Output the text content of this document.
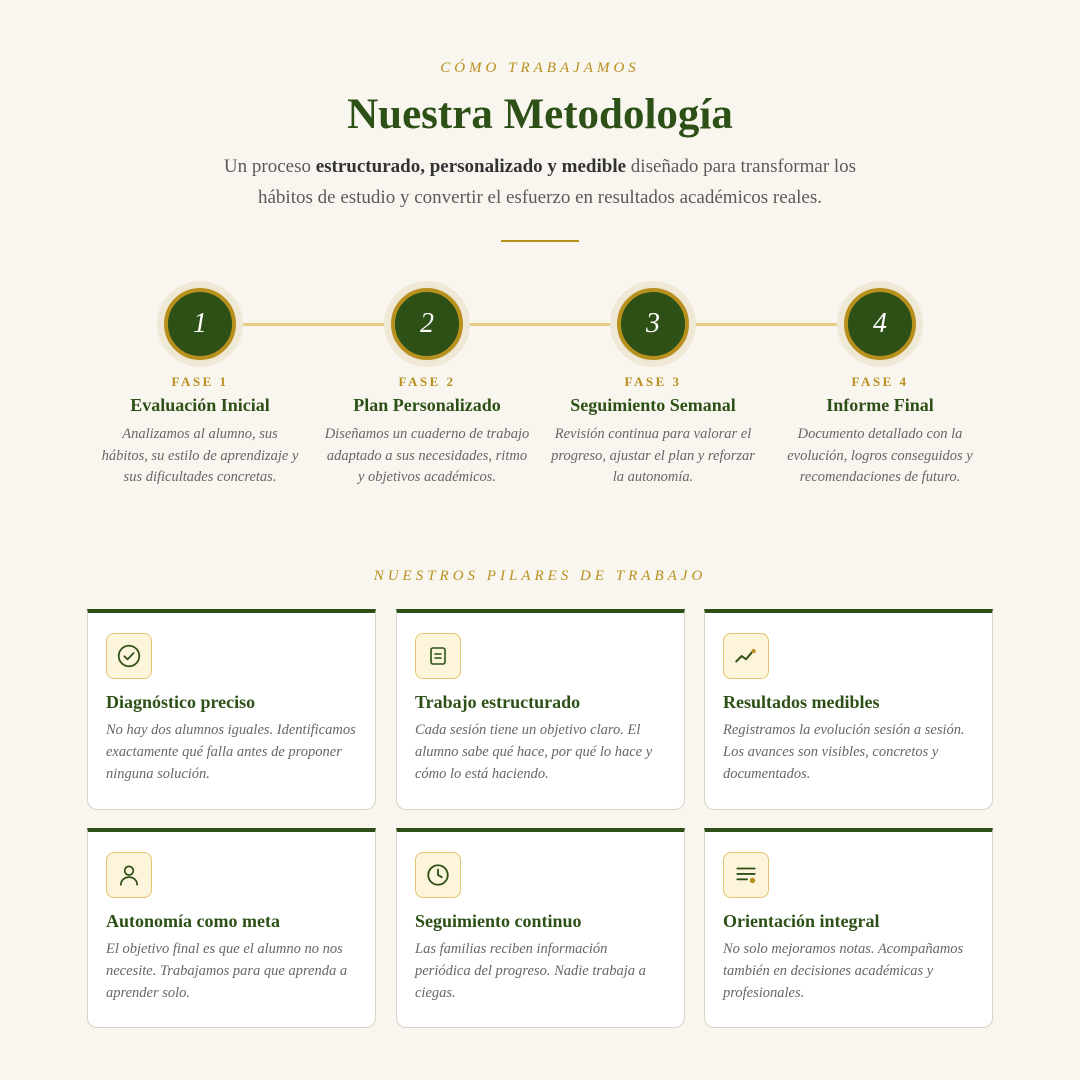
CÓMO TRABAJAMOS
Nuestra Metodología

Un proceso estructurado, personalizado y medible diseñado para transformar los hábitos de estudio y convertir el esfuerzo en resultados académicos reales.

1
FASE 1
Evaluación Inicial
Analizamos al alumno, sus hábitos, su estilo de aprendizaje y sus dificultades concretas.
2
FASE 2
Plan Personalizado
Diseñamos un cuaderno de trabajo adaptado a sus necesidades, ritmo y objetivos académicos.
3
FASE 3
Seguimiento Semanal
Revisión continua para valorar el progreso, ajustar el plan y reforzar la autonomía.
4
FASE 4
Informe Final
Documento detallado con la evolución, logros conseguidos y recomendaciones de futuro.
NUESTROS PILARES DE TRABAJO
Diagnóstico preciso
No hay dos alumnos iguales. Identificamos exactamente qué falla antes de proponer ninguna solución.
Trabajo estructurado
Cada sesión tiene un objetivo claro. El alumno sabe qué hace, por qué lo hace y cómo lo está haciendo.
Resultados medibles
Registramos la evolución sesión a sesión. Los avances son visibles, concretos y documentados.
Autonomía como meta
El objetivo final es que el alumno no nos necesite. Trabajamos para que aprenda a aprender solo.
Seguimiento continuo
Las familias reciben información periódica del progreso. Nadie trabaja a ciegas.
Orientación integral
No solo mejoramos notas. Acompañamos también en decisiones académicas y profesionales.
